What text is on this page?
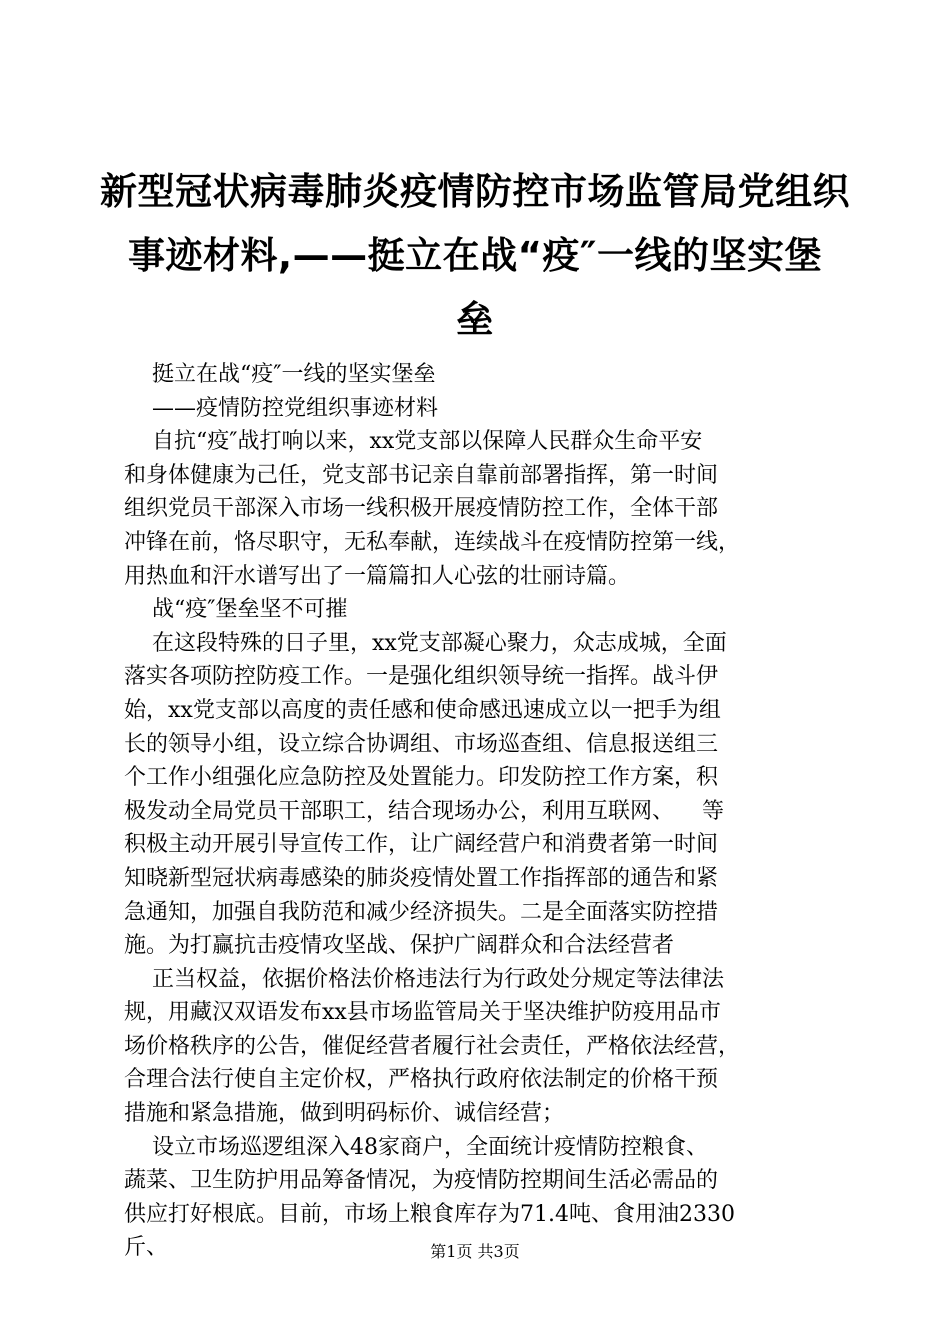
新型冠状病毒肺炎疫情防控市场监管局党组织
事迹材料,——挺立在战“疫″一线的坚实堡
垒
挺立在战“疫″一线的坚实堡垒
——疫情防控党组织事迹材料
自抗“疫″战打响以来，xx党支部以保障人民群众生命平安
和身体健康为己任，党支部书记亲自靠前部署指挥，第一时间
组织党员干部深入市场一线积极开展疫情防控工作，全体干部
冲锋在前，恪尽职守，无私奉献，连续战斗在疫情防控第一线，
用热血和汗水谱写出了一篇篇扣人心弦的壮丽诗篇。
战“疫″堡垒坚不可摧
在这段特殊的日子里，xx党支部凝心聚力，众志成城，全面
落实各项防控防疫工作。一是强化组织领导统一指挥。战斗伊
始，xx党支部以高度的责任感和使命感迅速成立以一把手为组
长的领导小组，设立综合协调组、市场巡查组、信息报送组三
个工作小组强化应急防控及处置能力。印发防控工作方案，积
极发动全局党员干部职工，结合现场办公，利用互联网、    等
积极主动开展引导宣传工作，让广阔经营户和消费者第一时间
知晓新型冠状病毒感染的肺炎疫情处置工作指挥部的通告和紧
急通知，加强自我防范和减少经济损失。二是全面落实防控措
施。为打赢抗击疫情攻坚战、保护广阔群众和合法经营者
正当权益，依据价格法价格违法行为行政处分规定等法律法
规，用藏汉双语发布xx县市场监管局关于坚决维护防疫用品市
场价格秩序的公告，催促经营者履行社会责任，严格依法经营，
合理合法行使自主定价权，严格执行政府依法制定的价格干预
措施和紧急措施，做到明码标价、诚信经营；
设立市场巡逻组深入48家商户，全面统计疫情防控粮食、
蔬菜、卫生防护用品筹备情况，为疫情防控期间生活必需品的
供应打好根底。目前，市场上粮食库存为71.4吨、食用油2330
斤、	第1页 共3页
